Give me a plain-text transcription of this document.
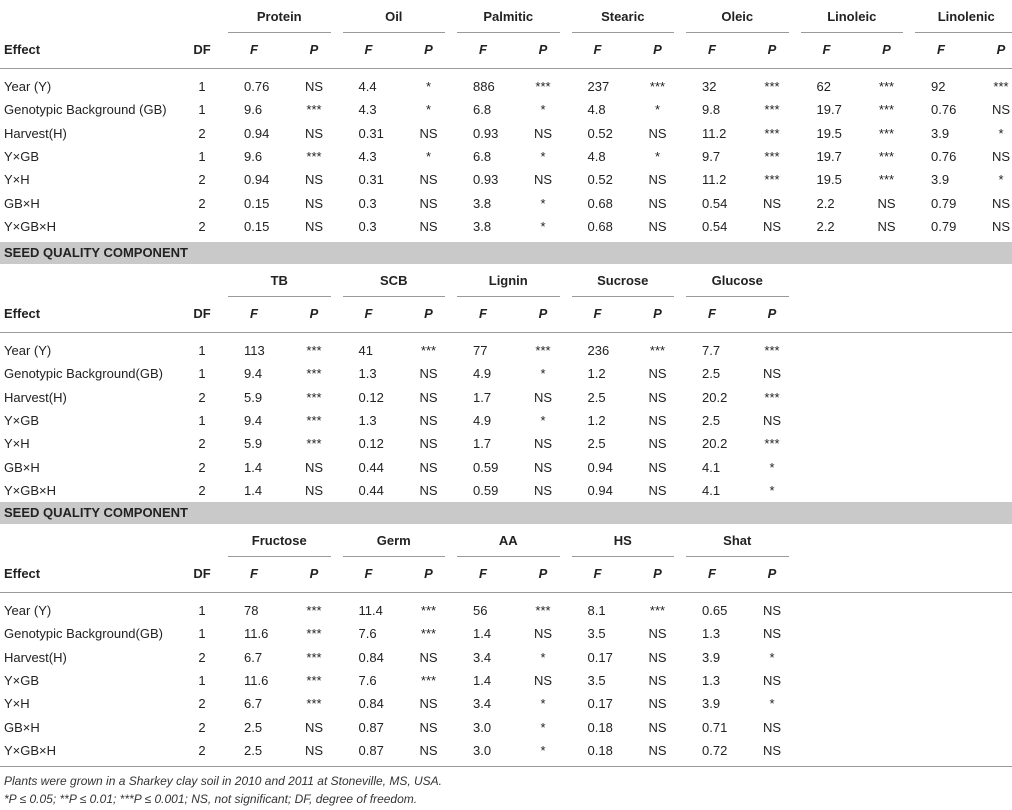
Protein	Oil	Palmitic	Stearic	Oleic	Linoleic	Linolenic
Effect	DF	F	P	F	P	F	P	F	P	F	P	F	P	F	P
Year (Y)	1	0.76	NS	4.4	*	886	***	237	***	32	***	62	***	92	***
Genotypic Background (GB)	1	9.6	***	4.3	*	6.8	*	4.8	*	9.8	***	19.7	***	0.76	NS
Harvest(H)	2	0.94	NS	0.31	NS	0.93	NS	0.52	NS	11.2	***	19.5	***	3.9	*
Y×GB	1	9.6	***	4.3	*	6.8	*	4.8	*	9.7	***	19.7	***	0.76	NS
Y×H	2	0.94	NS	0.31	NS	0.93	NS	0.52	NS	11.2	***	19.5	***	3.9	*
GB×H	2	0.15	NS	0.3	NS	3.8	*	0.68	NS	0.54	NS	2.2	NS	0.79	NS
Y×GB×H	2	0.15	NS	0.3	NS	3.8	*	0.68	NS	0.54	NS	2.2	NS	0.79	NS
SEED QUALITY COMPONENT
TB	SCB	Lignin	Sucrose	Glucose
Effect	DF	F	P	F	P	F	P	F	P	F	P
Year (Y)	1	113	***	41	***	77	***	236	***	7.7	***
Genotypic Background(GB)	1	9.4	***	1.3	NS	4.9	*	1.2	NS	2.5	NS
Harvest(H)	2	5.9	***	0.12	NS	1.7	NS	2.5	NS	20.2	***
Y×GB	1	9.4	***	1.3	NS	4.9	*	1.2	NS	2.5	NS
Y×H	2	5.9	***	0.12	NS	1.7	NS	2.5	NS	20.2	***
GB×H	2	1.4	NS	0.44	NS	0.59	NS	0.94	NS	4.1	*
Y×GB×H	2	1.4	NS	0.44	NS	0.59	NS	0.94	NS	4.1	*
SEED QUALITY COMPONENT
Fructose	Germ	AA	HS	Shat
Effect	DF	F	P	F	P	F	P	F	P	F	P
Year (Y)	1	78	***	11.4	***	56	***	8.1	***	0.65	NS
Genotypic Background(GB)	1	11.6	***	7.6	***	1.4	NS	3.5	NS	1.3	NS
Harvest(H)	2	6.7	***	0.84	NS	3.4	*	0.17	NS	3.9	*
Y×GB	1	11.6	***	7.6	***	1.4	NS	3.5	NS	1.3	NS
Y×H	2	6.7	***	0.84	NS	3.4	*	0.17	NS	3.9	*
GB×H	2	2.5	NS	0.87	NS	3.0	*	0.18	NS	0.71	NS
Y×GB×H	2	2.5	NS	0.87	NS	3.0	*	0.18	NS	0.72	NS
Plants were grown in a Sharkey clay soil in 2010 and 2011 at Stoneville, MS, USA.
*P ≤ 0.05; **P ≤ 0.01; ***P ≤ 0.001; NS, not significant; DF, degree of freedom.
